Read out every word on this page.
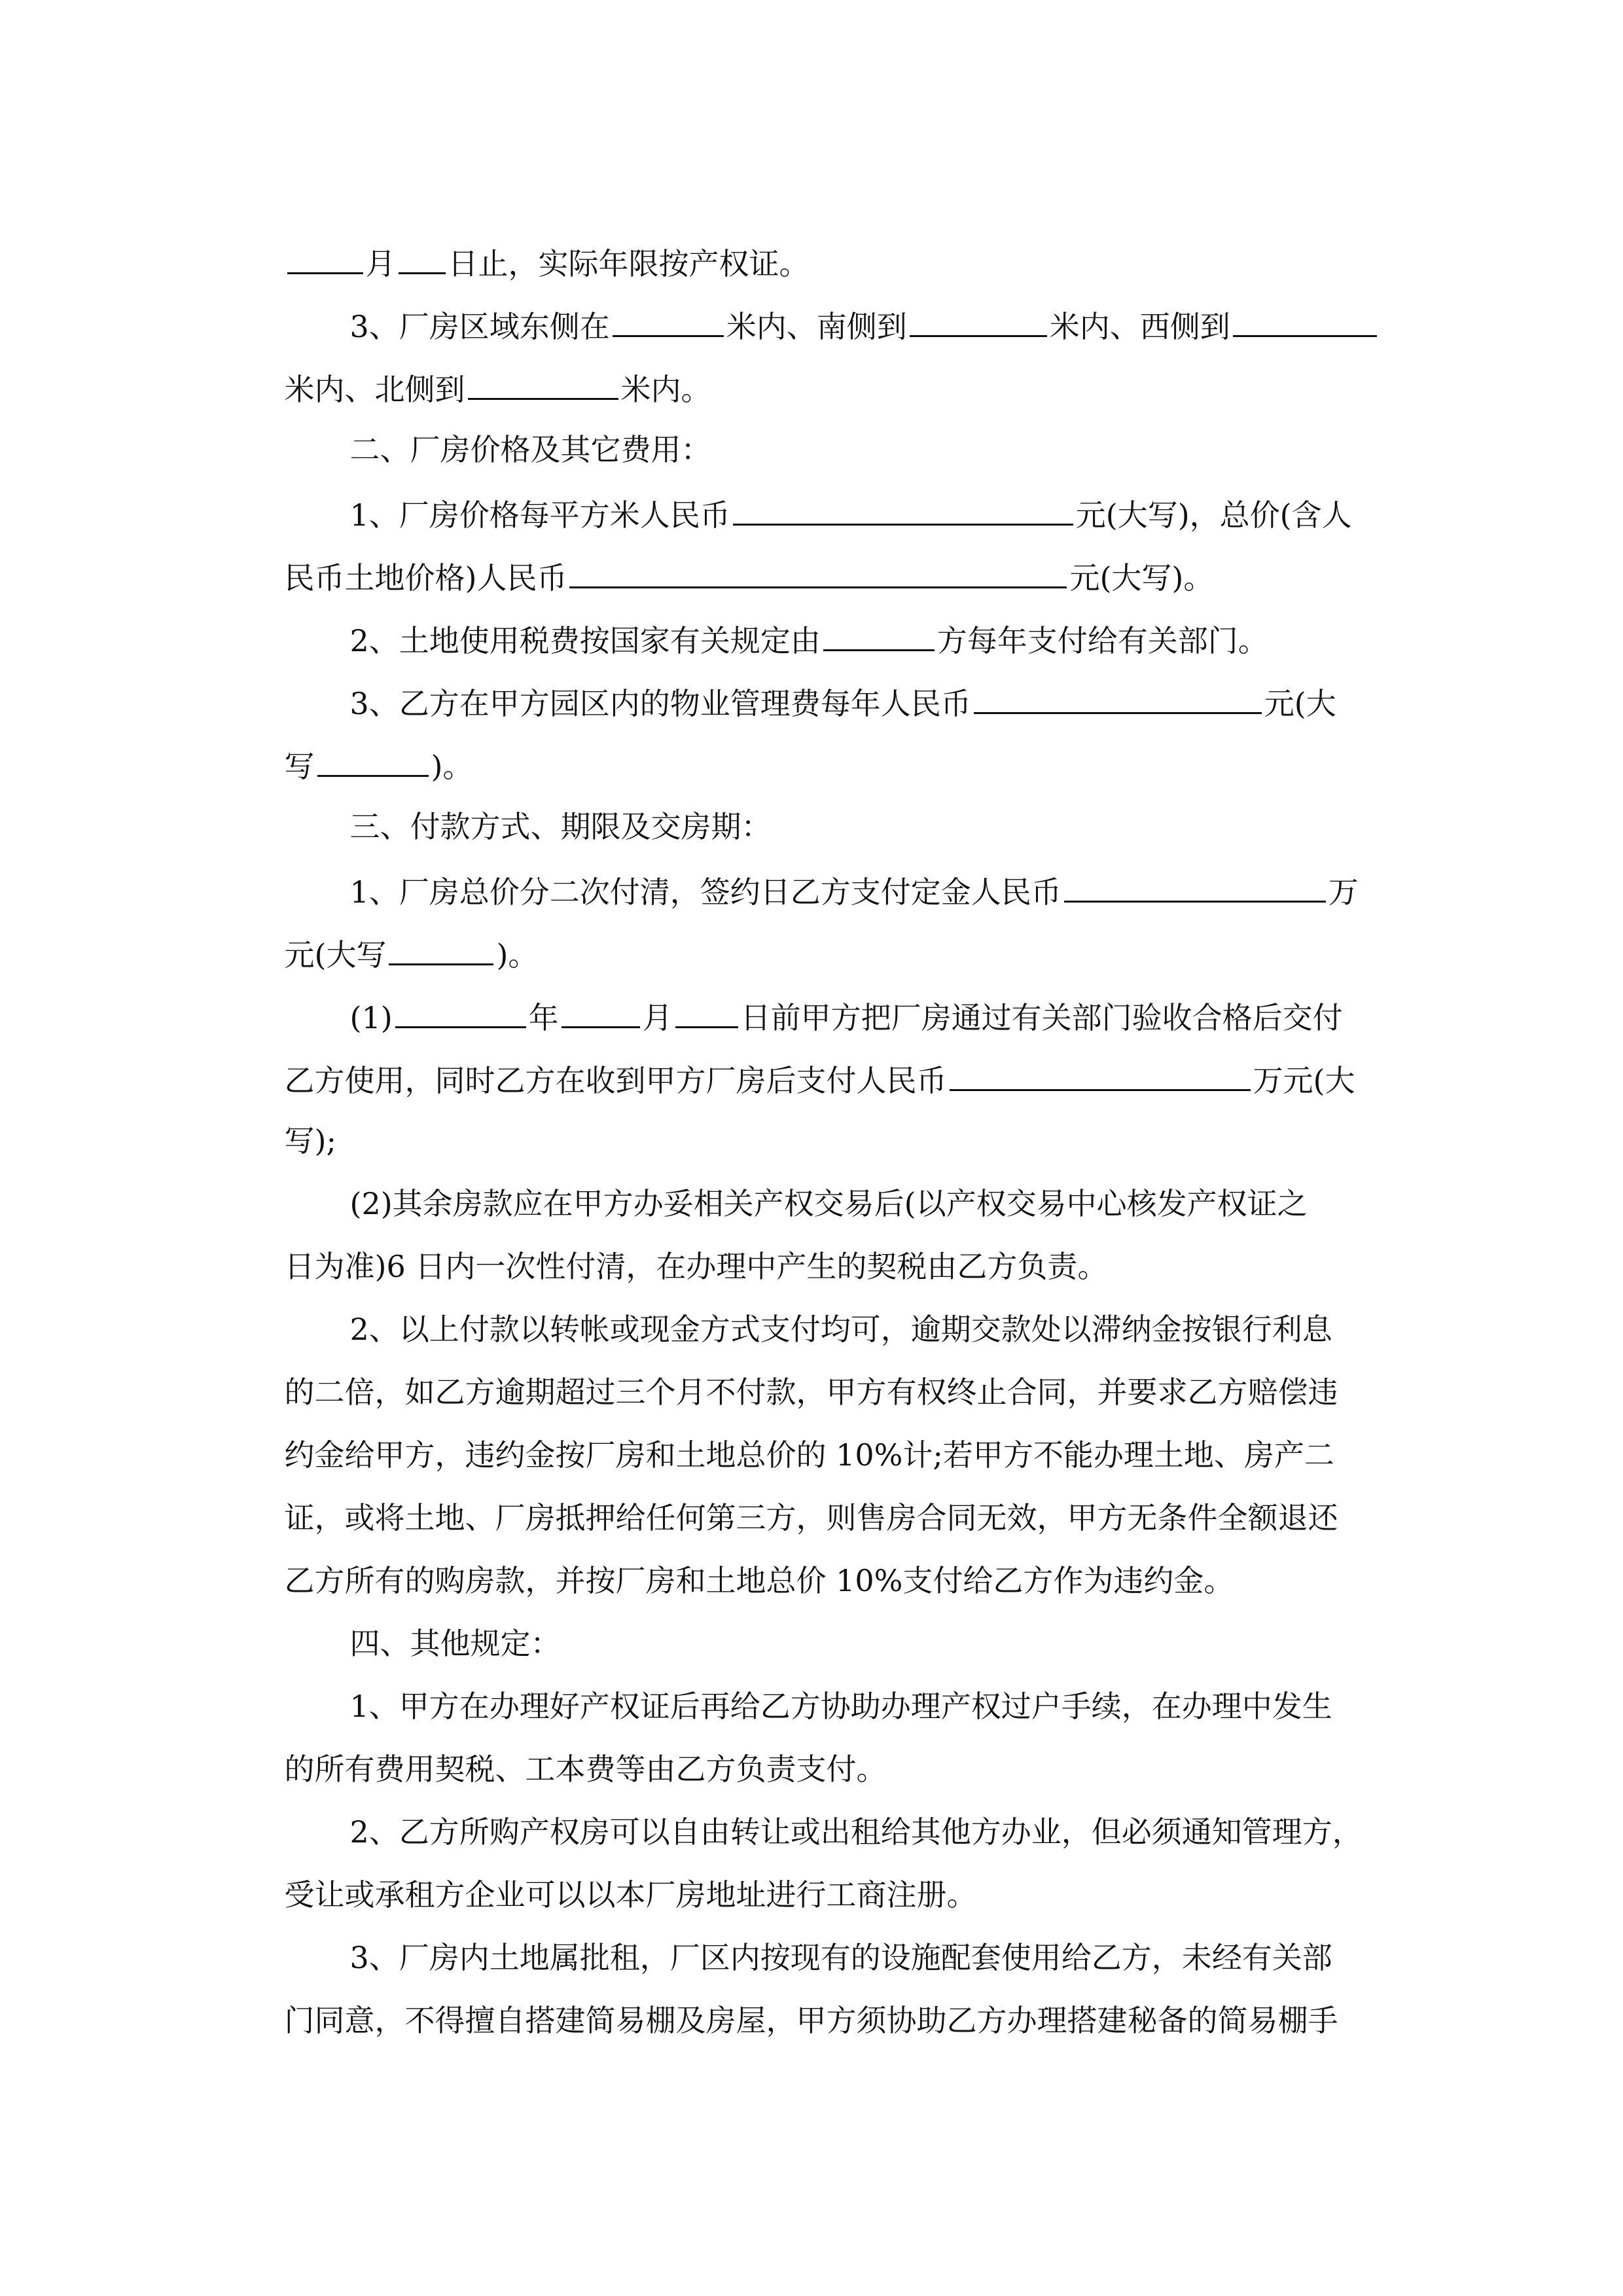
月 日止，实际年限按产权证。

3、厂房区域东侧在	米内、南侧到	米内、西侧到

米内、北侧到	米内。

二、厂房价格及其它费用：

1、厂房价格每平方米人民币	元(大写)，总价(含人

民币土地价格)人民币	元(大写)。

2、土地使用税费按国家有关规定由	方每年支付给有关部门。

3、乙方在甲方园区内的物业管理费每年人民币	元(大

写	)。

三、付款方式、期限及交房期：

1、厂房总价分二次付清，签约日乙方支付定金人民币	万

元(大写	)。

(1)	年	月 日前甲方把厂房通过有关部门验收合格后交付

乙方使用，同时乙方在收到甲方厂房后支付人民币	万元(大

写);

(2)其余房款应在甲方办妥相关产权交易后(以产权交易中心核发产权证之

日为准)6 日内一次性付清，在办理中产生的契税由乙方负责。

2、以上付款以转帐或现金方式支付均可，逾期交款处以滞纳金按银行利息

的二倍，如乙方逾期超过三个月不付款，甲方有权终止合同，并要求乙方赔偿违

约金给甲方，违约金按厂房和土地总价的 10%计;若甲方不能办理土地、房产二

证，或将土地、厂房抵押给任何第三方，则售房合同无效，甲方无条件全额退还

乙方所有的购房款，并按厂房和土地总价 10%支付给乙方作为违约金。

四、其他规定：

1、甲方在办理好产权证后再给乙方协助办理产权过户手续，在办理中发生

的所有费用契税、工本费等由乙方负责支付。

2、乙方所购产权房可以自由转让或出租给其他方办业，但必须通知管理方，

受让或承租方企业可以以本厂房地址进行工商注册。

3、厂房内土地属批租，厂区内按现有的设施配套使用给乙方，未经有关部

门同意，不得擅自搭建简易棚及房屋，甲方须协助乙方办理搭建秘备的简易棚手
